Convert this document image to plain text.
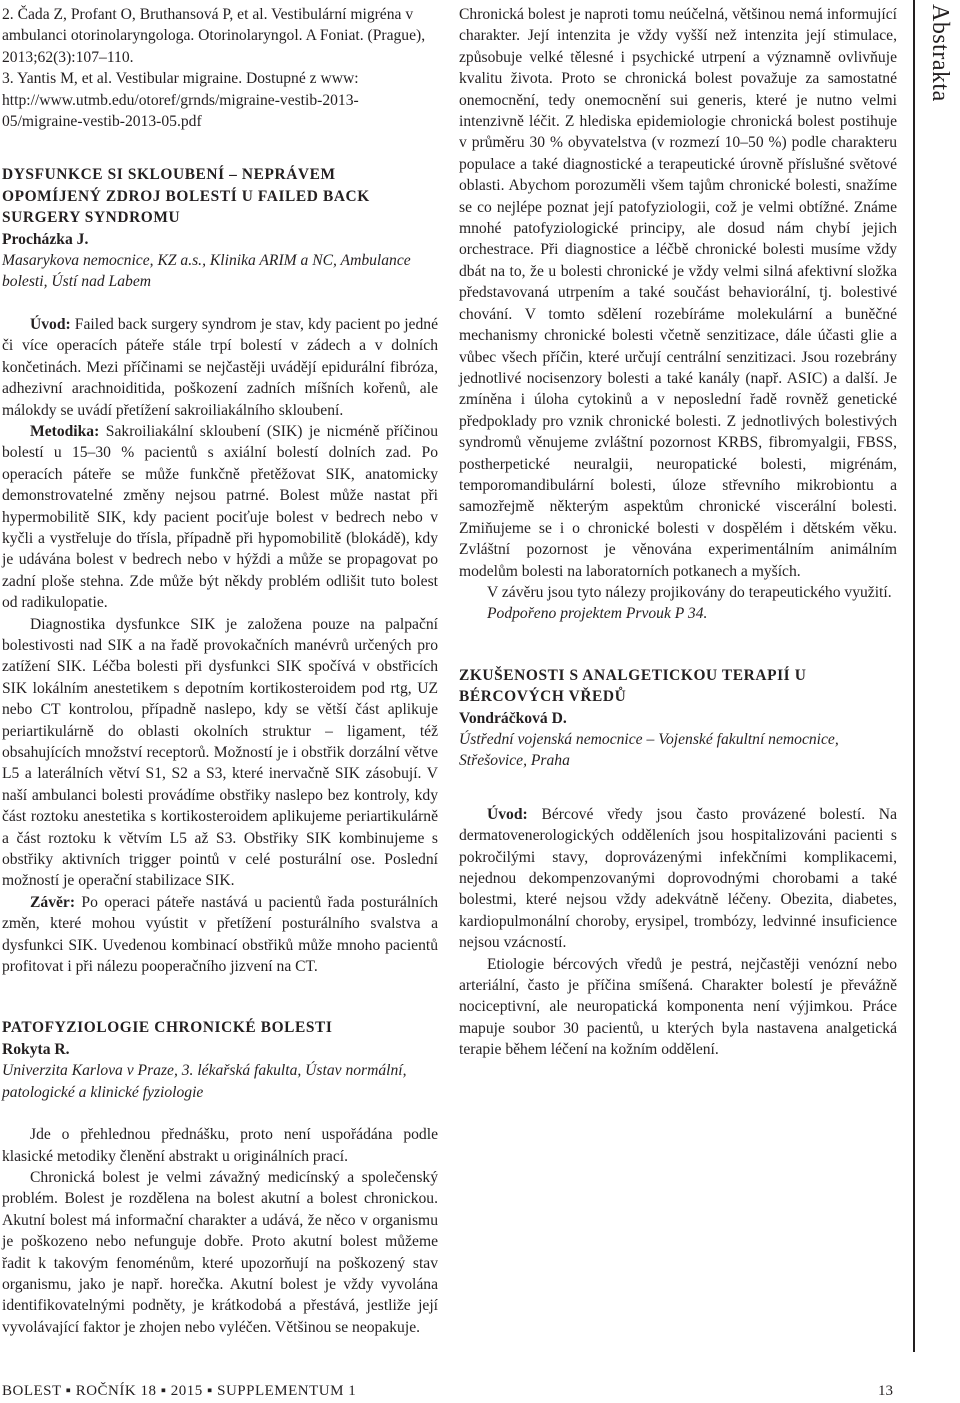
2. Čada Z, Profant O, Bruthansová P, et al. Vestibulární migréna v ambulanci otorinolaryngologa. Otorinolaryngol. A Foniat. (Prague), 2013;62(3):107–110.

3. Yantis M, et al. Vestibular migraine. Dostupné z www: http://www.utmb.edu/otoref/grnds/migraine-vestib-2013-05/migraine-vestib-2013-05.pdf

DYSFUNKCE SI SKLOUBENÍ – NEPRÁVEM OPOMÍJENÝ ZDROJ BOLESTÍ U FAILED BACK SURGERY SYNDROMU

Procházka J.

Masarykova nemocnice, KZ a.s., Klinika ARIM a NC, Ambulance bolesti, Ústí nad Labem

Úvod: Failed back surgery syndrom je stav, kdy pacient po jedné či více operacích páteře stále trpí bolestí v zádech a v dolních končetinách. Mezi příčinami se nejčastěji uvádějí epidurální fibróza, adhezivní arachnoiditida, poškození zadních míšních kořenů, ale málokdy se uvádí přetížení sakroiliakálního skloubení.

Metodika: Sakroiliakální skloubení (SIK) je nicméně příčinou bolestí u 15–30 % pacientů s axiální bolestí dolních zad. Po operacích páteře se může funkčně přetěžovat SIK, anatomicky demonstrovatelné změny nejsou patrné. Bolest může nastat při hypermobilitě SIK, kdy pacient pociťuje bolest v bedrech nebo v kyčli a vystřeluje do třísla, případně při hypomobilitě (blokádě), kdy je udávána bolest v bedrech nebo v hýždi a může se propagovat po zadní ploše stehna. Zde může být někdy problém odlišit tuto bolest od radikulopatie.

Diagnostika dysfunkce SIK je založena pouze na palpační bolestivosti nad SIK a na řadě provokačních manévrů určených pro zatížení SIK. Léčba bolesti při dysfunkci SIK spočívá v obstřicích SIK lokálním anestetikem s depotním kortikosteroidem pod rtg, UZ nebo CT kontrolou, případně naslepo, kdy se větší část aplikuje periartikulárně do oblasti okolních struktur – ligament, též obsahujících množství receptorů. Možností je i obstřik dorzální větve L5 a laterálních větví S1, S2 a S3, které inervačně SIK zásobují. V naší ambulanci bolesti provádíme obstřiky naslepo bez kontroly, kdy část roztoku anestetika s kortikosteroidem aplikujeme periartikulárně a část roztoku k větvím L5 až S3. Obstřiky SIK kombinujeme s obstřiky aktivních trigger pointů v celé posturální ose. Poslední možností je operační stabilizace SIK.

Závěr: Po operaci páteře nastává u pacientů řada posturálních změn, které mohou vyústit v přetížení posturálního svalstva a dysfunkci SIK. Uvedenou kombinací obstřiků může mnoho pacientů profitovat i při nálezu pooperačního jizvení na CT.

PATOFYZIOLOGIE CHRONICKÉ BOLESTI

Rokyta R.

Univerzita Karlova v Praze, 3. lékařská fakulta, Ústav normální, patologické a klinické fyziologie

Jde o přehlednou přednášku, proto není uspořádána podle klasické metodiky členění abstrakt u originálních prací.

Chronická bolest je velmi závažný medicínský a společenský problém. Bolest je rozdělena na bolest akutní a bolest chronickou. Akutní bolest má informační charakter a udává, že něco v organismu je poškozeno nebo nefunguje dobře. Proto akutní bolest můžeme řadit k takovým fenoménům, které upozorňují na poškozený stav organismu, jako je např. horečka. Akutní bolest je vždy vyvolána identifikovatelnými podněty, je krátkodobá a přestává, jestliže její vyvolávající faktor je zhojen nebo vyléčen. Většinou se neopakuje.

Chronická bolest je naproti tomu neúčelná, většinou nemá informující charakter. Její intenzita je vždy vyšší než intenzita její stimulace, způsobuje velké tělesné i psychické utrpení a významně ovlivňuje kvalitu života. Proto se chronická bolest považuje za samostatné onemocnění, tedy onemocnění sui generis, které je nutno velmi intenzivně léčit. Z hlediska epidemiologie chronická bolest postihuje v průměru 30 % obyvatelstva (v rozmezí 10–50 %) podle charakteru populace a také diagnostické a terapeutické úrovně příslušné světové oblasti. Abychom porozuměli všem tajům chronické bolesti, snažíme se co nejlépe poznat její patofyziologii, což je velmi obtížné. Známe mnohé patofyziologické principy, ale dosud nám chybí jejich orchestrace. Při diagnostice a léčbě chronické bolesti musíme vždy dbát na to, že u bolesti chronické je vždy velmi silná afektivní složka představovaná utrpením a také součást behaviorální, tj. bolestivé chování. V tomto sdělení rozebíráme molekulární a buněčné mechanismy chronické bolesti včetně senzitizace, dále účasti glie a vůbec všech příčin, které určují centrální senzitizaci. Jsou rozebrány jednotlivé nocisenzory bolesti a také kanály (např. ASIC) a další. Je zmíněna i úloha cytokinů a v neposlední řadě rovněž genetické předpoklady pro vznik chronické bolesti. Z jednotlivých bolestivých syndromů věnujeme zvláštní pozornost KRBS, fibromyalgii, FBSS, postherpetické neuralgii, neuropatické bolesti, migrénám, temporomandibulární bolesti, úloze střevního mikrobiontu a samozřejmě některým aspektům chronické viscerální bolesti. Zmiňujeme se i o chronické bolesti v dospělém i dětském věku. Zvláštní pozornost je věnována experimentálním animálním modelům bolesti na laboratorních potkanech a myších.

V závěru jsou tyto nálezy projikovány do terapeutického využití.

Podpořeno projektem Prvouk P 34.

ZKUŠENOSTI S ANALGETICKOU TERAPIÍ U BÉRCOVÝCH VŘEDŮ

Vondráčková D.

Ústřední vojenská nemocnice – Vojenské fakultní nemocnice, Střešovice, Praha

Úvod: Bércové vředy jsou často provázené bolestí. Na dermatovenerologických odděleních jsou hospitalizováni pacienti s pokročilými stavy, doprovázenými infekčními komplikacemi, nejednou dekompenzovanými doprovodnými chorobami a také bolestmi, které nejsou vždy adekvátně léčeny. Obezita, diabetes, kardiopulmonální choroby, erysipel, trombózy, ledvinné insuficience nejsou vzácností.

Etiologie bércových vředů je pestrá, nejčastěji venózní nebo arteriální, často je příčina smíšená. Charakter bolestí je převážně nociceptivní, ale neuropatická komponenta není výjimkou. Práce mapuje soubor 30 pacientů, u kterých byla nastavena analgetická terapie během léčení na kožním oddělení.

Abstrakta
BOLEST ▪ ROČNÍK 18 ▪ 2015 ▪ SUPPLEMENTUM 1	13
